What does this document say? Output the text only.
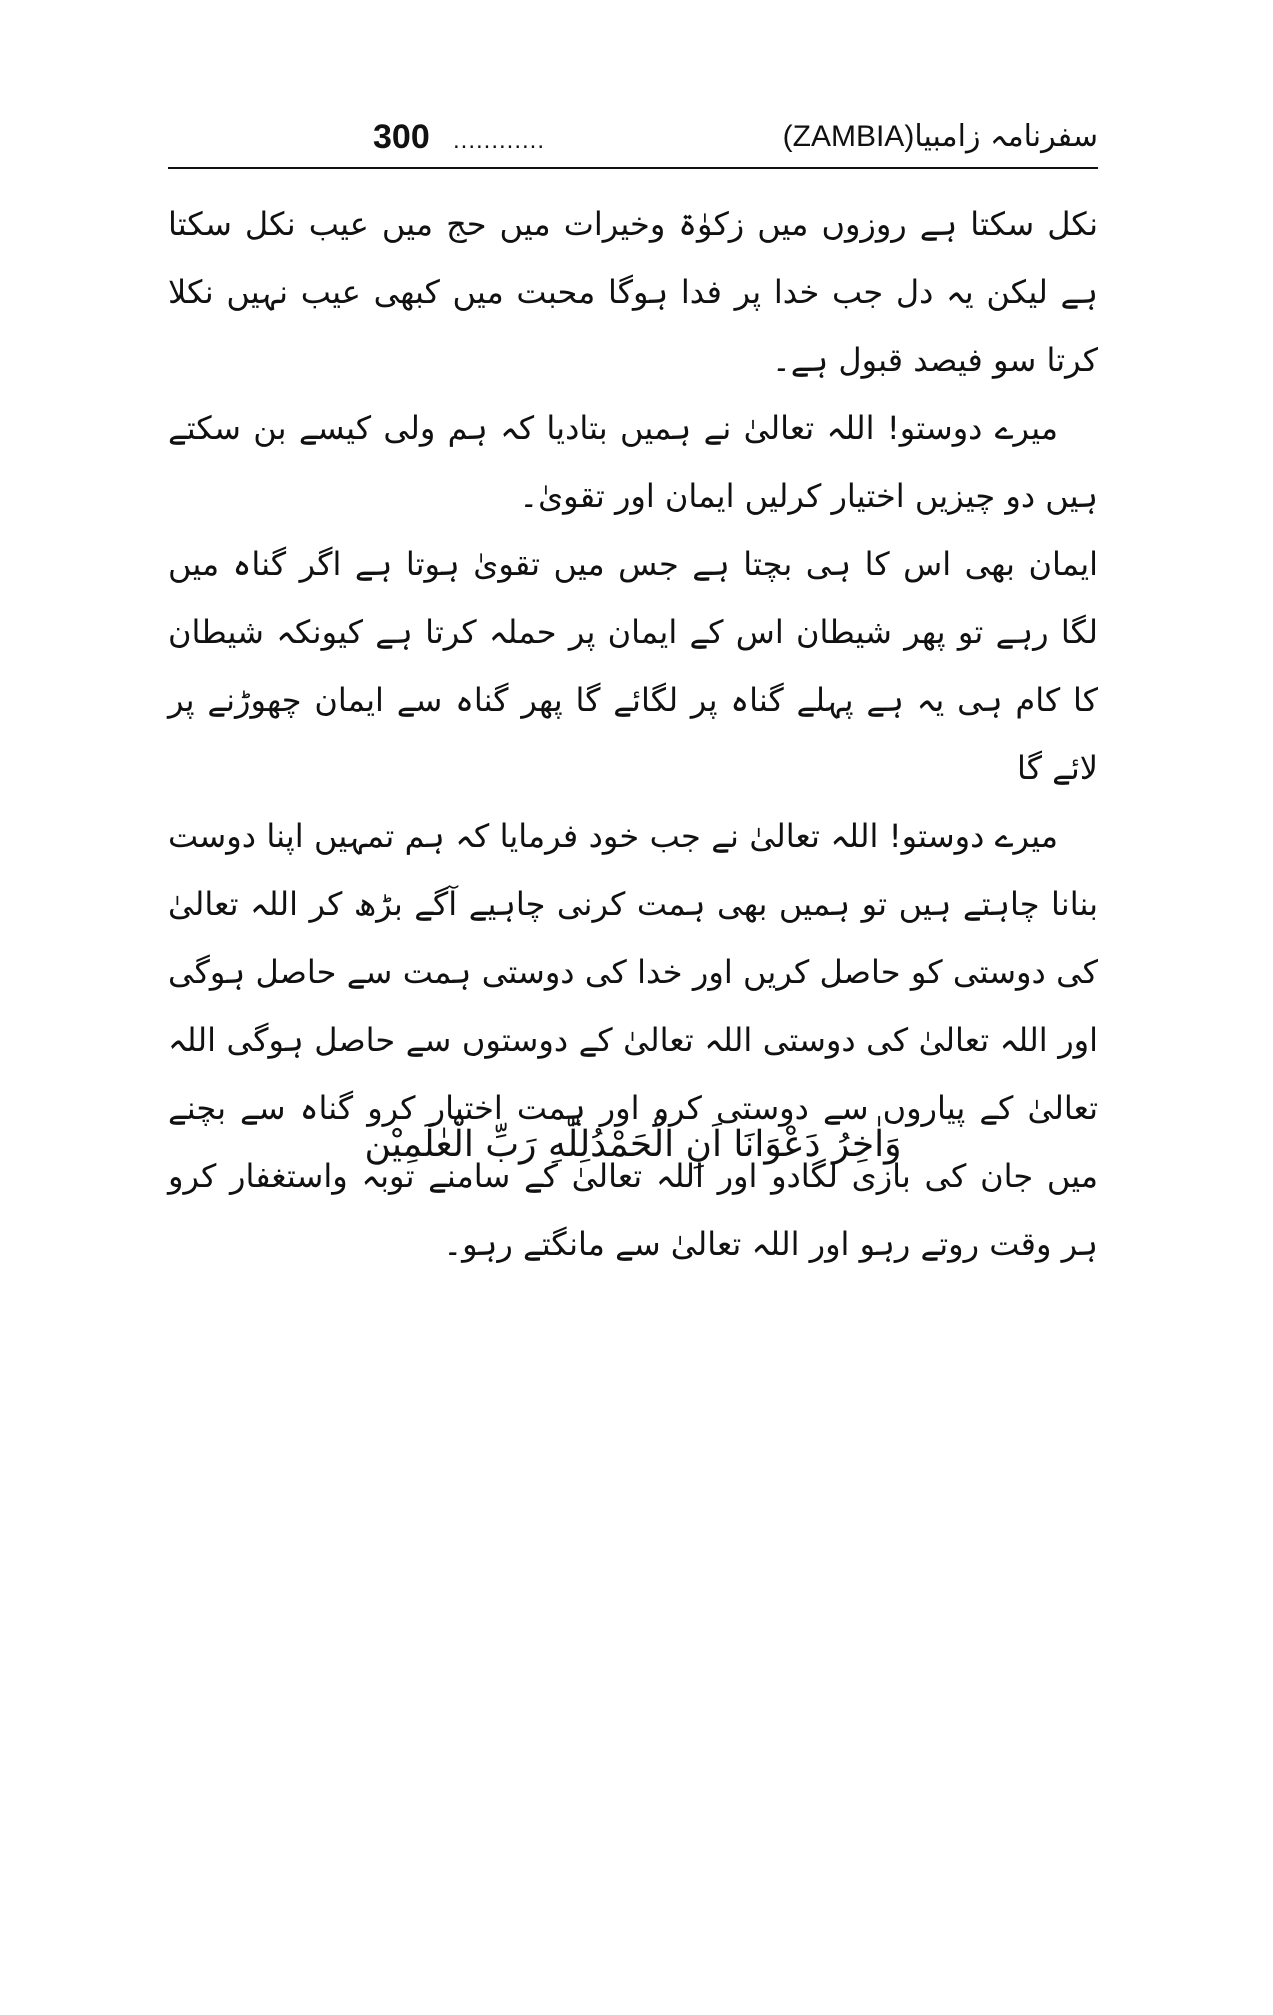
300 ............	سفرنامہ زامبیا(ZAMBIA)

نکل سکتا ہے روزوں میں زکوٰۃ وخیرات میں حج میں عیب نکل سکتا ہے لیکن یہ دل جب خدا پر فدا ہوگا محبت میں کبھی عیب نہیں نکلا کرتا سو فیصد قبول ہے۔

میرے دوستو! اللہ تعالیٰ نے ہمیں بتادیا کہ ہم ولی کیسے بن سکتے ہیں دو چیزیں اختیار کرلیں ایمان اور تقویٰ۔

ایمان بھی اس کا ہی بچتا ہے جس میں تقویٰ ہوتا ہے اگر گناہ میں لگا رہے تو پھر شیطان اس کے ایمان پر حملہ کرتا ہے کیونکہ شیطان کا کام ہی یہ ہے پہلے گناہ پر لگائے گا پھر گناہ سے ایمان چھوڑنے پر لائے گا

میرے دوستو! اللہ تعالیٰ نے جب خود فرمایا کہ ہم تمہیں اپنا دوست بنانا چاہتے ہیں تو ہمیں بھی ہمت کرنی چاہیے آگے بڑھ کر اللہ تعالیٰ کی دوستی کو حاصل کریں اور خدا کی دوستی ہمت سے حاصل ہوگی اور اللہ تعالیٰ کی دوستی اللہ تعالیٰ کے دوستوں سے حاصل ہوگی اللہ تعالیٰ کے پیاروں سے دوستی کرو اور ہمت اختیار کرو گناہ سے بچنے میں جان کی بازی لگادو اور اللہ تعالیٰ کے سامنے توبہ واستغفار کرو ہر وقت روتے رہو اور اللہ تعالیٰ سے مانگتے رہو۔

وَاٰخِرُ دَعْوَانَا اَنِ الْحَمْدُلِلّٰهِ رَبِّ الْعٰلَمِيْن
